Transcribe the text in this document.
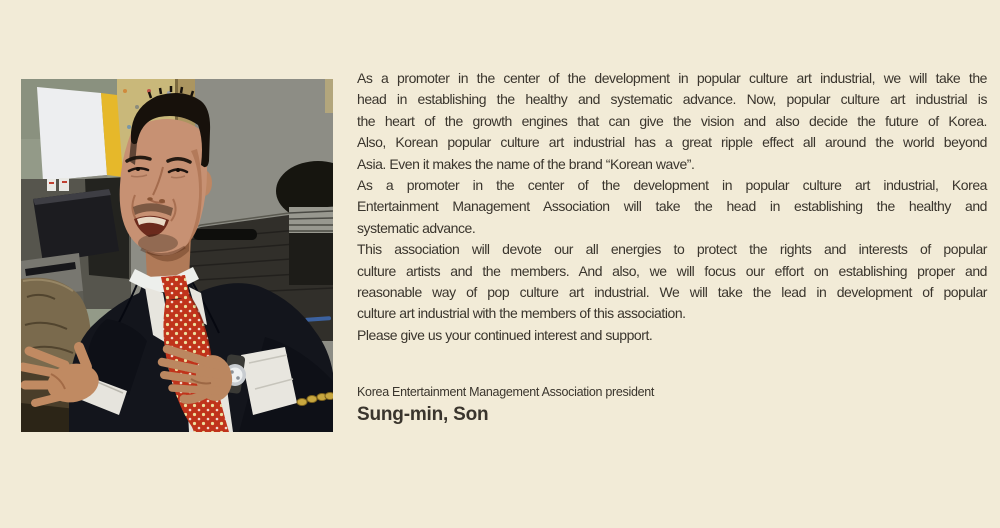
As a promoter in the center of the development in popular culture art industrial, we will take the
head in establishing the healthy and systematic advance. Now, popular culture art industrial is
the heart of the growth engines that can give the vision and also decide the future of Korea.
Also, Korean popular culture art industrial has a great ripple effect all around the world beyond
Asia. Even it makes the name of the brand “Korean wave”.
As a promoter in the center of the development in popular culture art industrial, Korea
Entertainment Management Association will take the head in establishing the healthy and
systematic advance.
This association will devote our all energies to protect the rights and interests of popular
culture artists and the members. And also, we will focus our effort on establishing proper and
reasonable way of pop culture art industrial. We will take the lead in development of popular
culture art industrial with the members of this association.
Please give us your continued interest and support.
Korea Entertainment Management Association president
Sung-min, Son
